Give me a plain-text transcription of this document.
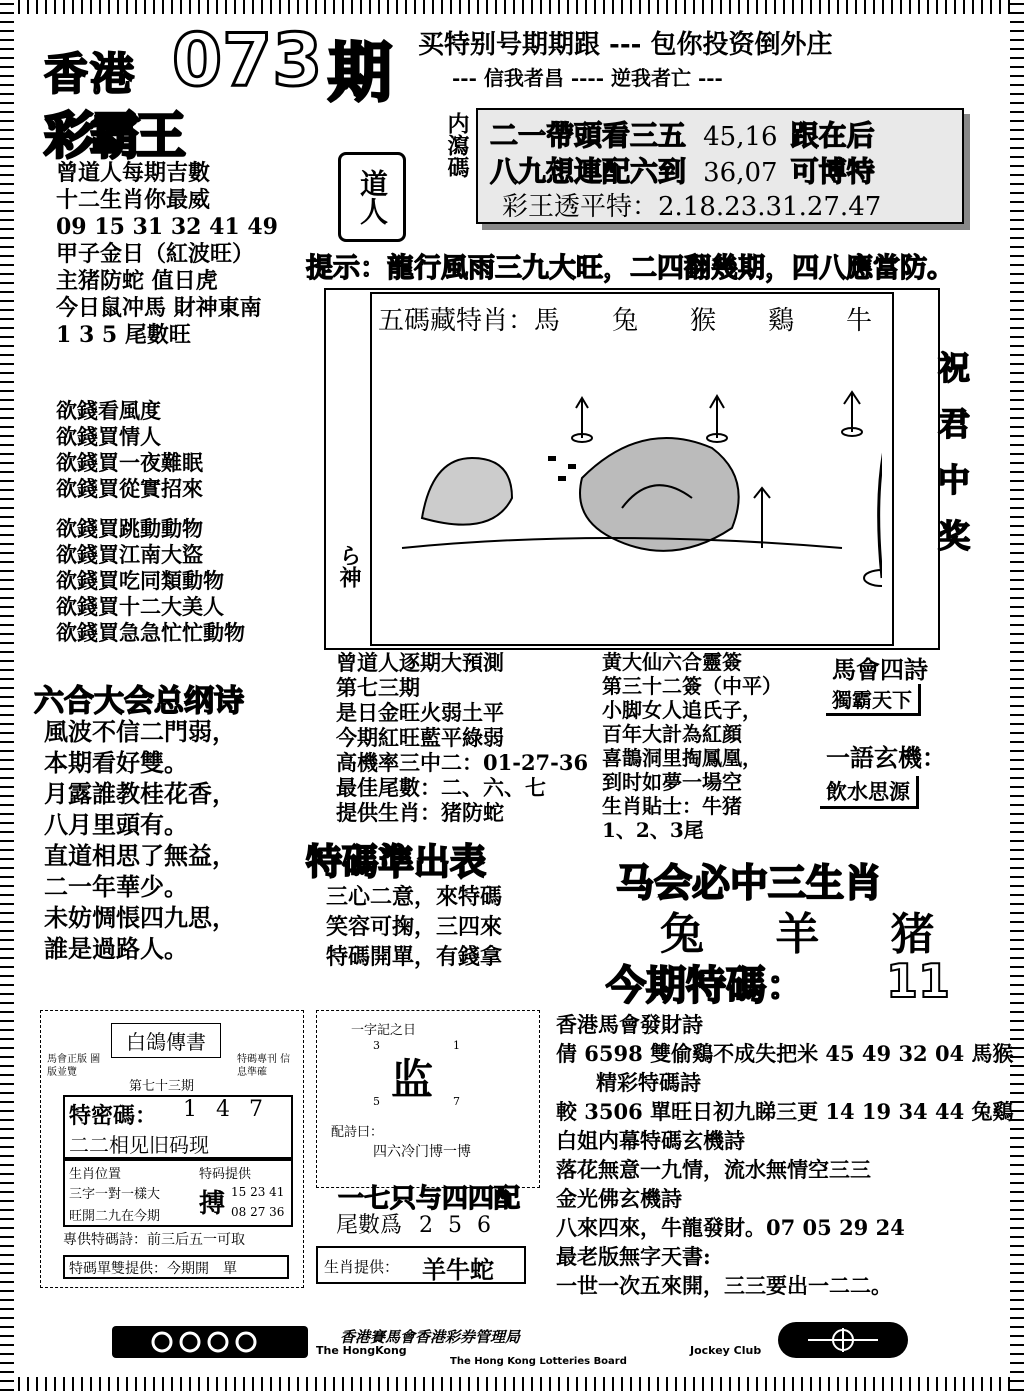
香港 073 期
彩霸王
买特别号期期跟 --- 包你投资倒外庄
--- 信我者昌 ---- 逆我者亡 ---
曾道人每期吉數
十二生肖你最威
09 15 31 32 41 49
甲子金日（紅波旺）
主猪防蛇 值日虎
今日鼠冲馬 財神東南
1 3 5 尾數旺
欲錢看風度
欲錢買情人
欲錢買一夜難眠
欲錢買從實招來
欲錢買跳動動物
欲錢買江南大盜
欲錢買吃同類動物
欲錢買十二大美人
欲錢買急急忙忙動物
六合大会总纲诗
風波不信二門弱，
本期看好雙。
月露誰教桂花香，
八月里頭有。
直道相思了無益，
二一年華少。
未妨惆悵四九思，
誰是過路人。
道人
内瀉碼 二一帶頭看三五 45,16 跟在后
八九想連配六到 36,07 可博特
彩王透平特：2.18.23.31.27.47
提示：龍行風雨三九大旺，二四翻幾期，四八應當防。
五碼藏特肖：馬　　兔　　猴　　鷄　　牛
ら神
祝
君
中
奖
曾道人逐期大預測
第七三期
是日金旺火弱土平
今期紅旺藍平綠弱
高機率三中二：01-27-36
最佳尾數：二、六、七
提供生肖：猪防蛇
黄大仙六合靈簽
第三十二簽（中平）
小脚女人追氏子，
百年大計為紅顔
喜鵲洞里掏鳳凰，
到时如夢一場空
生肖貼士：牛猪
1、2、3尾
馬會四詩
獨霸天下
一語玄機：
飲水思源
特碼準出表
三心二意，來特碼
笑容可掬，三四來
特碼開單，有錢拿
马会必中三生肖
兔 羊 猪
今期特碼： 11
白鴿傳書
馬會正版 圖版並覽
特碼專刊 信息準確
第七十三期
特密碼： 1 4 7
二二相见旧码现
生肖位置
三字一對一樣大
旺開二九在今期
特码提供
搏 15 23 41
08 27 36
專供特碼詩：前三后五一可取
特碼單雙提供：今期開　單
一字記之日
3	1
监
5	7
配詩曰：
四六冷门博一博
一七只与四四配
尾數爲 2 5 6
生肖提供： 羊牛蛇
香港馬會發財詩
倩 6598 雙偷鷄不成失把米 45 49 32 04 馬猴
精彩特碼詩
較 3506 單旺日初九睇三更 14 19 34 44 兔鷄
白姐内幕特碼玄機詩
落花無意一九情，流水無情空三三
金光佛玄機詩
八來四來，牛龍發財。07 05 29 24
最老版無字天書:
一世一次五來開，三三要出一二二。
香港賽馬會香港彩券管理局
The HongKong	Jockey Club
The Hong Kong Lotteries Board
